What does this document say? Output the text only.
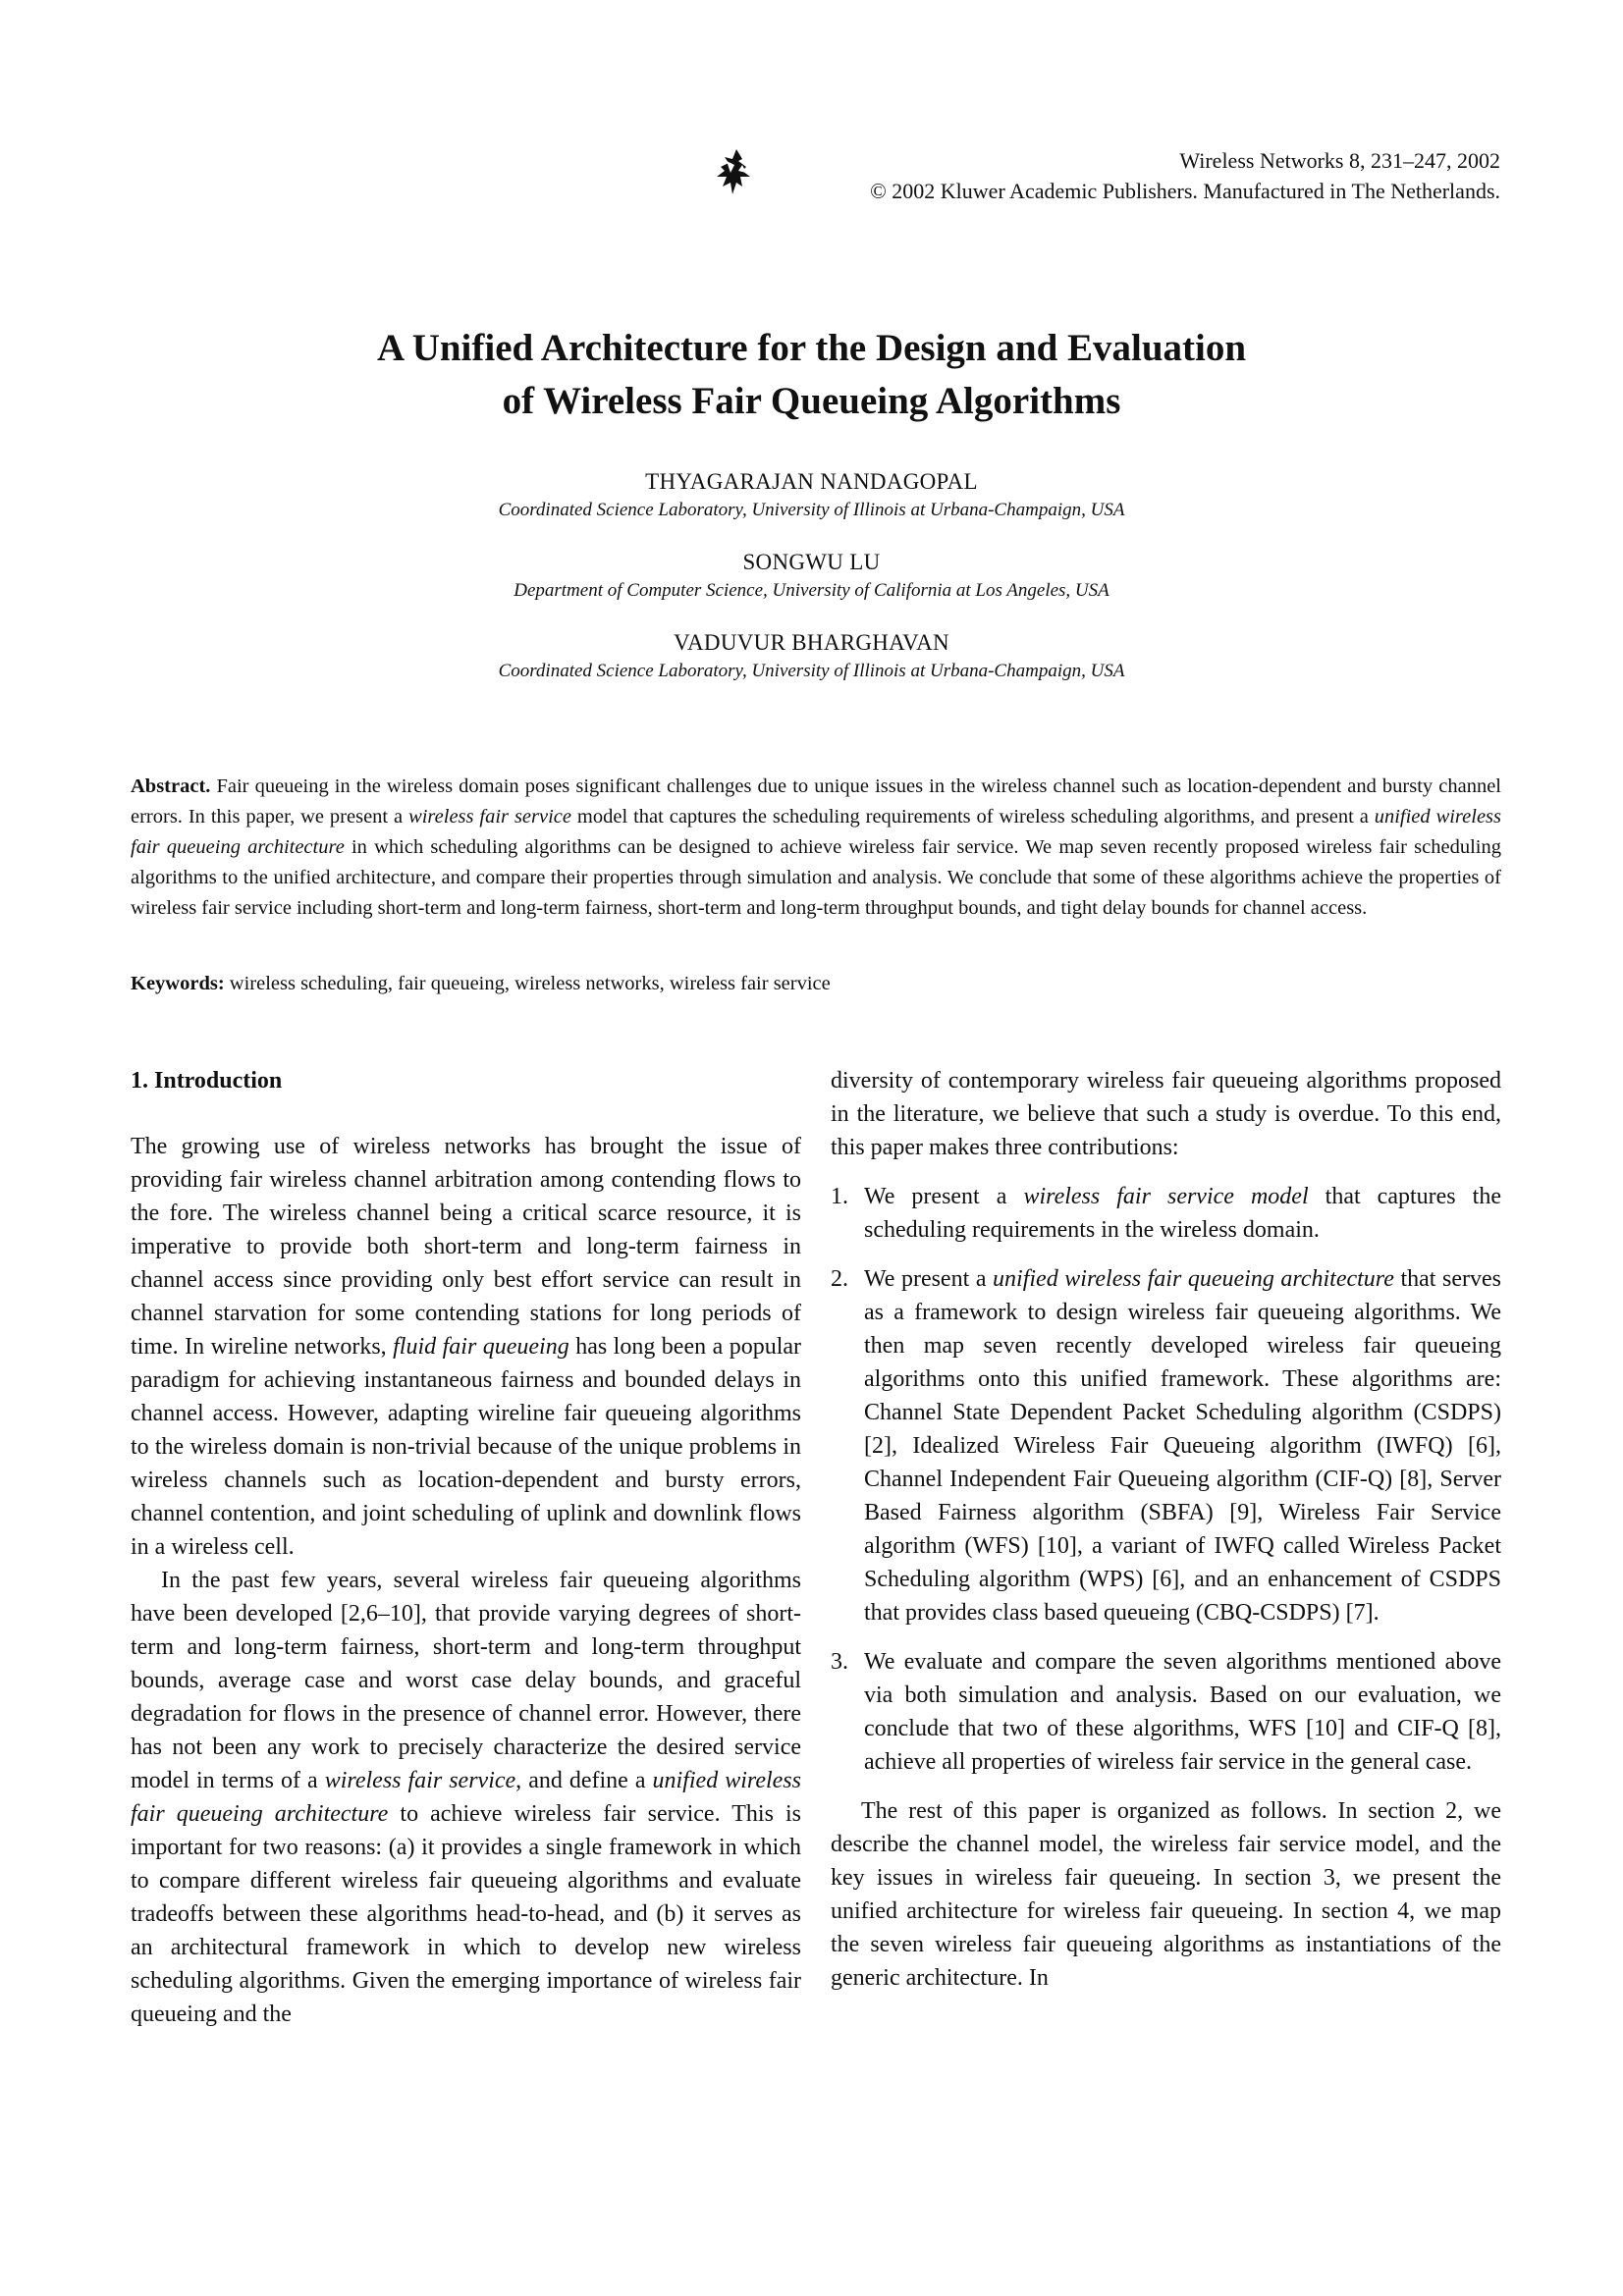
Wireless Networks 8, 231–247, 2002
© 2002 Kluwer Academic Publishers. Manufactured in The Netherlands.
A Unified Architecture for the Design and Evaluation
of Wireless Fair Queueing Algorithms
THYAGARAJAN NANDAGOPAL
Coordinated Science Laboratory, University of Illinois at Urbana-Champaign, USA
SONGWU LU
Department of Computer Science, University of California at Los Angeles, USA
VADUVUR BHARGHAVAN
Coordinated Science Laboratory, University of Illinois at Urbana-Champaign, USA
Abstract. Fair queueing in the wireless domain poses significant challenges due to unique issues in the wireless channel such as location-dependent and bursty channel errors. In this paper, we present a wireless fair service model that captures the scheduling requirements of wireless scheduling algorithms, and present a unified wireless fair queueing architecture in which scheduling algorithms can be designed to achieve wireless fair service. We map seven recently proposed wireless fair scheduling algorithms to the unified architecture, and compare their properties through simulation and analysis. We conclude that some of these algorithms achieve the properties of wireless fair service including short-term and long-term fairness, short-term and long-term throughput bounds, and tight delay bounds for channel access.
Keywords: wireless scheduling, fair queueing, wireless networks, wireless fair service
1. Introduction

The growing use of wireless networks has brought the issue of providing fair wireless channel arbitration among contending flows to the fore. The wireless channel being a critical scarce resource, it is imperative to provide both short-term and long-term fairness in channel access since providing only best effort service can result in channel starvation for some contending stations for long periods of time. In wireline networks, fluid fair queueing has long been a popular paradigm for achieving instantaneous fairness and bounded delays in channel access. However, adapting wireline fair queueing algorithms to the wireless domain is non-trivial because of the unique problems in wireless channels such as location-dependent and bursty errors, channel contention, and joint scheduling of uplink and downlink flows in a wireless cell.

In the past few years, several wireless fair queueing algorithms have been developed [2,6–10], that provide varying degrees of short-term and long-term fairness, short-term and long-term throughput bounds, average case and worst case delay bounds, and graceful degradation for flows in the presence of channel error. However, there has not been any work to precisely characterize the desired service model in terms of a wireless fair service, and define a unified wireless fair queueing architecture to achieve wireless fair service. This is important for two reasons: (a) it provides a single framework in which to compare different wireless fair queueing algorithms and evaluate tradeoffs between these algorithms head-to-head, and (b) it serves as an architectural framework in which to develop new wireless scheduling algorithms. Given the emerging importance of wireless fair queueing and the

diversity of contemporary wireless fair queueing algorithms proposed in the literature, we believe that such a study is overdue. To this end, this paper makes three contributions:

1. We present a wireless fair service model that captures the scheduling requirements in the wireless domain.
2. We present a unified wireless fair queueing architecture that serves as a framework to design wireless fair queueing algorithms. We then map seven recently developed wireless fair queueing algorithms onto this unified framework. These algorithms are: Channel State Dependent Packet Scheduling algorithm (CSDPS) [2], Idealized Wireless Fair Queueing algorithm (IWFQ) [6], Channel Independent Fair Queueing algorithm (CIF-Q) [8], Server Based Fairness algorithm (SBFA) [9], Wireless Fair Service algorithm (WFS) [10], a variant of IWFQ called Wireless Packet Scheduling algorithm (WPS) [6], and an enhancement of CSDPS that provides class based queueing (CBQ-CSDPS) [7].
3. We evaluate and compare the seven algorithms mentioned above via both simulation and analysis. Based on our evaluation, we conclude that two of these algorithms, WFS [10] and CIF-Q [8], achieve all properties of wireless fair service in the general case.

The rest of this paper is organized as follows. In section 2, we describe the channel model, the wireless fair service model, and the key issues in wireless fair queueing. In section 3, we present the unified architecture for wireless fair queueing. In section 4, we map the seven wireless fair queueing algorithms as instantiations of the generic architecture. In
